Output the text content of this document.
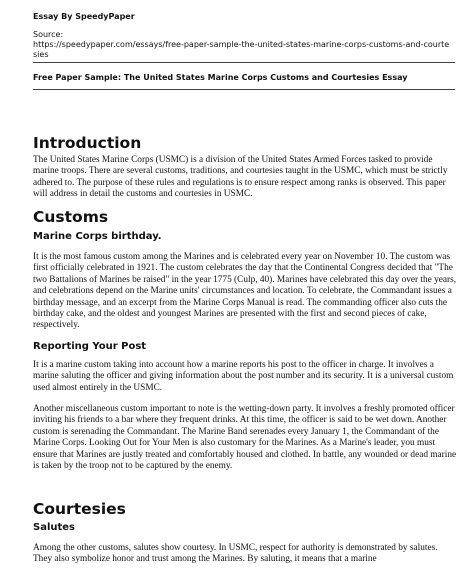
Essay By SpeedyPaper

Source:

https://speedypaper.com/essays/free-paper-sample-the-united-states-marine-corps-customs-and-courtesies

Free Paper Sample: The United States Marine Corps Customs and Courtesies Essay

Introduction

The United States Marine Corps (USMC) is a division of the United States Armed Forces tasked to provide marine troops. There are several customs, traditions, and courtesies taught in the USMC, which must be strictly adhered to. The purpose of these rules and regulations is to ensure respect among ranks is observed. This paper will address in detail the customs and courtesies in USMC.

Customs
Marine Corps birthday.

It is the most famous custom among the Marines and is celebrated every year on November 10. The custom was first officially celebrated in 1921. The custom celebrates the day that the Continental Congress decided that "The two Battalions of Marines be raised" in the year 1775 (Culp, 40). Marines have celebrated this day over the years, and celebrations depend on the Marine units' circumstances and location. To celebrate, the Commandant issues a birthday message, and an excerpt from the Marine Corps Manual is read. The commanding officer also cuts the birthday cake, and the oldest and youngest Marines are presented with the first and second pieces of cake, respectively.

Reporting Your Post

It is a marine custom taking into account how a marine reports his post to the officer in charge. It involves a marine saluting the officer and giving information about the post number and its security. It is a universal custom used almost entirely in the USMC.

Another miscellaneous custom important to note is the wetting-down party. It involves a freshly promoted officer inviting his friends to a bar where they frequent drinks. At this time, the officer is said to be wet down. Another custom is serenading the Commandant. The Marine Band serenades every January 1, the Commandant of the Marine Corps. Looking Out for Your Men is also customary for the Marines. As a Marine's leader, you must ensure that Marines are justly treated and comfortably housed and clothed. In battle, any wounded or dead marine is taken by the troop not to be captured by the enemy.

Courtesies
Salutes

Among the other customs, salutes show courtesy. In USMC, respect for authority is demonstrated by salutes. They also symbolize honor and trust among the Marines. By saluting, it means that a marine
